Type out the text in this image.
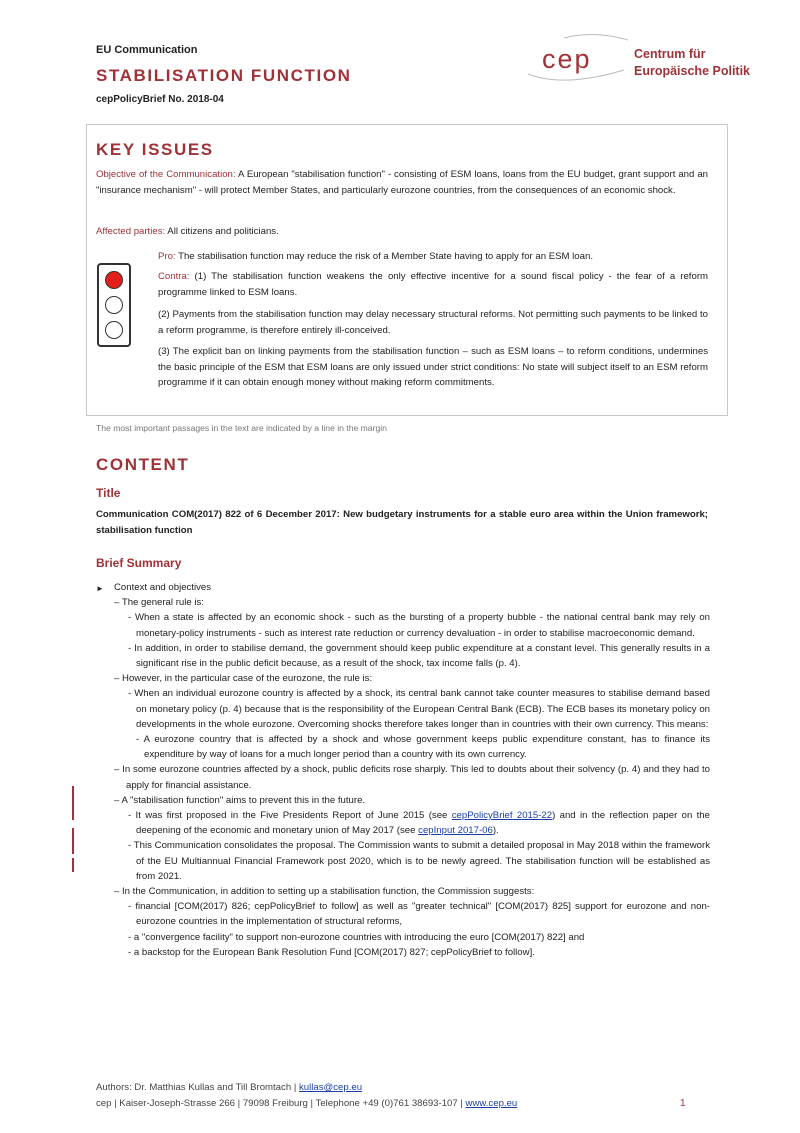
EU Communication
STABILISATION FUNCTION
cepPolicyBrief No. 2018-04
cep	Centrum für
Europäische Politik
KEY ISSUES
Objective of the Communication: A European "stabilisation function" - consisting of ESM loans, loans from the EU budget, grant support and an "insurance mechanism" - will protect Member States, and particularly eurozone countries, from the consequences of an economic shock.
Affected parties: All citizens and politicians.
Pro: The stabilisation function may reduce the risk of a Member State having to apply for an ESM loan.
Contra: (1) The stabilisation function weakens the only effective incentive for a sound fiscal policy - the fear of a reform programme linked to ESM loans.
(2) Payments from the stabilisation function may delay necessary structural reforms. Not permitting such payments to be linked to a reform programme, is therefore entirely ill-conceived.
(3) The explicit ban on linking payments from the stabilisation function – such as ESM loans – to reform conditions, undermines the basic principle of the ESM that ESM loans are only issued under strict conditions: No state will subject itself to an ESM reform programme if it can obtain enough money without making reform commitments.
The most important passages in the text are indicated by a line in the margin
CONTENT
Title
Communication COM(2017) 822 of 6 December 2017: New budgetary instruments for a stable euro area within the Union framework; stabilisation function
Brief Summary
► Context and objectives
– The general rule is:
- When a state is affected by an economic shock - such as the bursting of a property bubble - the national central bank may rely on monetary-policy instruments - such as interest rate reduction or currency devaluation - in order to stabilise macroeconomic demand.
- In addition, in order to stabilise demand, the government should keep public expenditure at a constant level. This generally results in a significant rise in the public deficit because, as a result of the shock, tax income falls (p. 4).
– However, in the particular case of the eurozone, the rule is:
- When an individual eurozone country is affected by a shock, its central bank cannot take counter measures to stabilise demand based on monetary policy (p. 4) because that is the responsibility of the European Central Bank (ECB). The ECB bases its monetary policy on developments in the whole eurozone. Overcoming shocks therefore takes longer than in countries with their own currency. This means:
- A eurozone country that is affected by a shock and whose government keeps public expenditure constant, has to finance its expenditure by way of loans for a much longer period than a country with its own currency.
– In some eurozone countries affected by a shock, public deficits rose sharply. This led to doubts about their solvency (p. 4) and they had to apply for financial assistance.
– A "stabilisation function" aims to prevent this in the future.
- It was first proposed in the Five Presidents Report of June 2015 (see cepPolicyBrief 2015-22) and in the reflection paper on the deepening of the economic and monetary union of May 2017 (see cepInput 2017-06).
- This Communication consolidates the proposal. The Commission wants to submit a detailed proposal in May 2018 within the framework of the EU Multiannual Financial Framework post 2020, which is to be newly agreed. The stabilisation function will be established as from 2021.
– In the Communication, in addition to setting up a stabilisation function, the Commission suggests:
- financial [COM(2017) 826; cepPolicyBrief to follow] as well as "greater technical" [COM(2017) 825] support for eurozone and non-eurozone countries in the implementation of structural reforms,
- a "convergence facility" to support non-eurozone countries with introducing the euro [COM(2017) 822] and
- a backstop for the European Bank Resolution Fund [COM(2017) 827; cepPolicyBrief to follow].
Authors: Dr. Matthias Kullas and Till Bromtach | kullas@cep.eu
cep | Kaiser-Joseph-Strasse 266 | 79098 Freiburg | Telephone +49 (0)761 38693-107 | www.cep.eu	1
